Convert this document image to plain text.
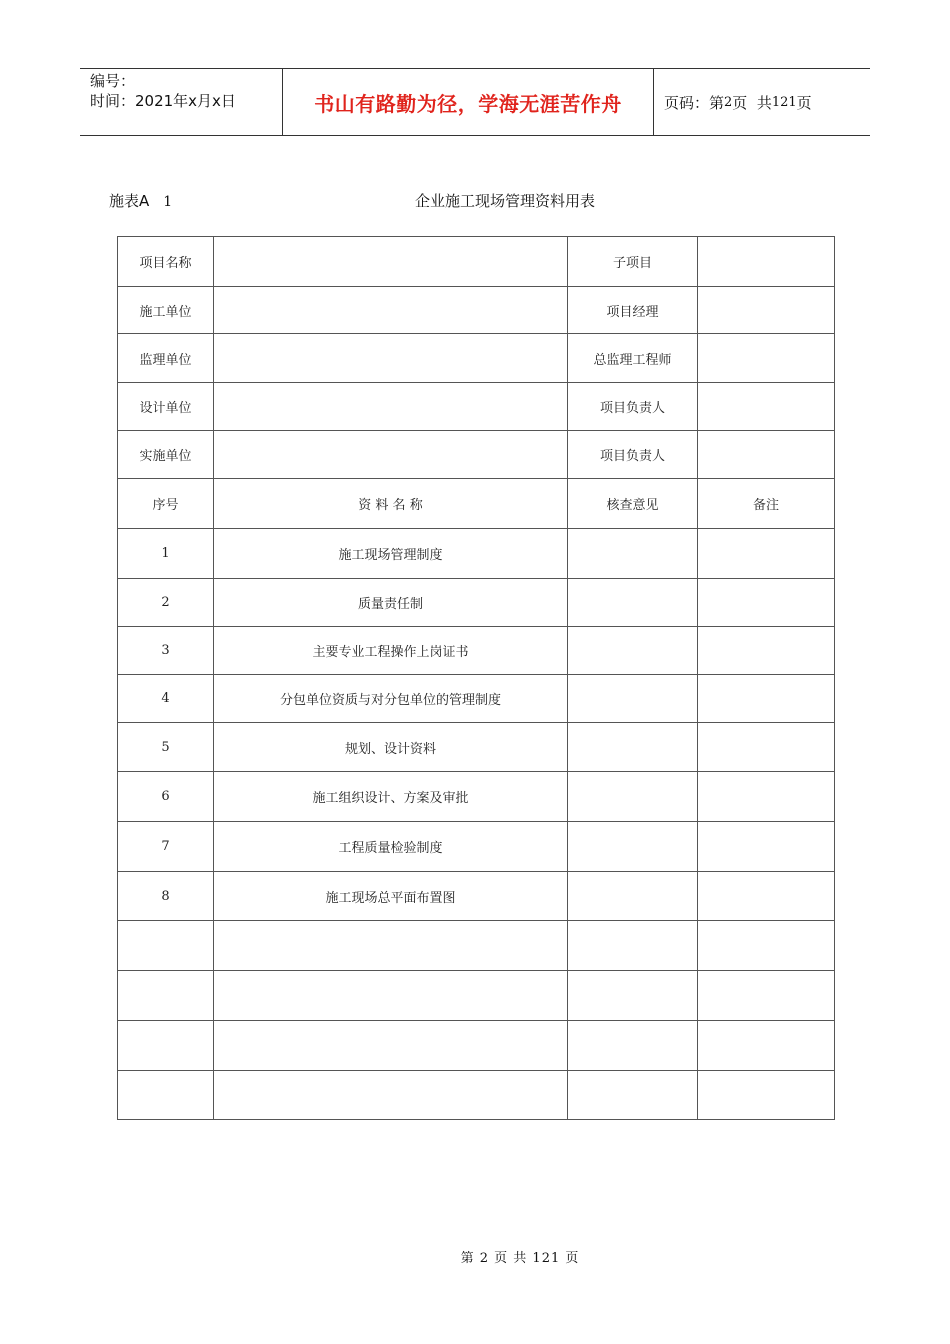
编号：
时间：2021年x月x日	书山有路勤为径，学海无涯苦作舟	页码：第 2 页  共 121 页
施表A 1	企业施工现场管理资料用表
项目名称		子项目	
施工单位		项目经理	
监理单位		总监理工程师	
设计单位		项目负责人	
实施单位		项目负责人	
序号	资 料 名 称	核查意见	备注
1	施工现场管理制度		
2	质量责任制		
3	主要专业工程操作上岗证书		
4	分包单位资质与对分包单位的管理制度		
5	规划、设计资料		
6	施工组织设计、方案及审批		
7	工程质量检验制度		
8	施工现场总平面布置图		

第 2 页 共 121 页
